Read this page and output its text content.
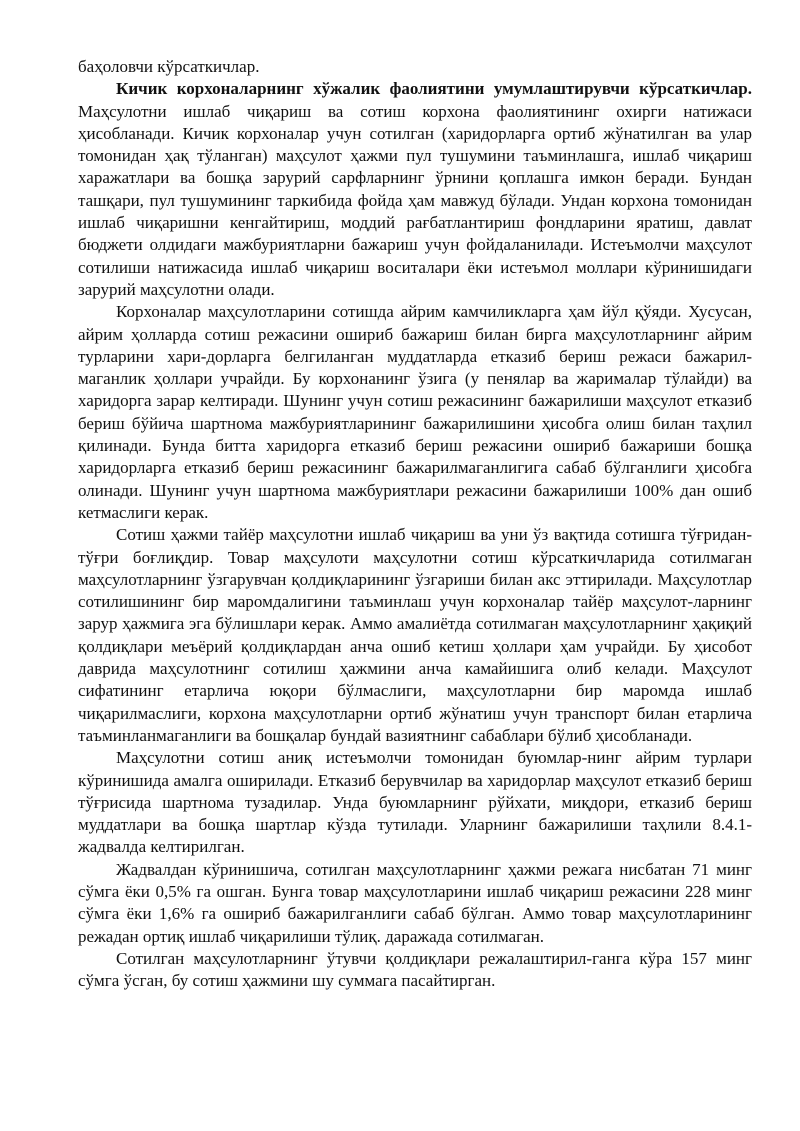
баҳоловчи кўрсаткичлар.

Кичик корхоналарнинг хўжалик фаолиятини умумлаштирувчи кўрсаткичлар. Маҳсулотни ишлаб чиқариш ва сотиш корхона фаолиятининг охирги натижаси ҳисобланади. Кичик корхоналар учун сотилган (харидорларга ортиб жўнатилган ва улар томонидан ҳақ тўланган) маҳсулот ҳажми пул тушумини таъминлашга, ишлаб чиқариш харажатлари ва бошқа зарурий сарфларнинг ўрнини қоплашга имкон беради. Бундан ташқари, пул тушумининг таркибида фойда ҳам мавжуд бўлади. Ундан корхона томонидан ишлаб чиқаришни кенгайтириш, моддий рағбатлантириш фондларини яратиш, давлат бюджети олдидаги мажбуриятларни бажариш учун фойдаланилади. Истеъмолчи маҳсулот сотилиши натижасида ишлаб чиқариш воситалари ёки истеъмол моллари кўринишидаги зарурий маҳсулотни олади.

Корхоналар маҳсулотларини сотишда айрим камчиликларга ҳам йўл қўяди. Хусусан, айрим ҳолларда сотиш режасини ошириб бажариш билан бирга маҳсулотларнинг айрим турларини хари-дорларга белгиланган муддатларда етказиб бериш режаси бажарил-маганлик ҳоллари учрайди. Бу корхонанинг ўзига (у пенялар ва жарималар тўлайди) ва харидорга зарар келтиради. Шунинг учун сотиш режасининг бажарилиши маҳсулот етказиб бериш бўйича шартнома мажбуриятларининг бажарилишини ҳисобга олиш билан таҳлил қилинади. Бунда битта харидорга етказиб бериш режасини ошириб бажариши бошқа харидорларга етказиб бериш режасининг бажарилмаганлигига сабаб бўлганлиги ҳисобга олинади. Шунинг учун шартнома мажбуриятлари режасини бажарилиши 100% дан ошиб кетмаслиги керак.

Сотиш ҳажми тайёр маҳсулотни ишлаб чиқариш ва уни ўз вақтида сотишга тўғридан-тўғри боғлиқдир. Товар маҳсулоти маҳсулотни сотиш кўрсаткичларида сотилмаган маҳсулотларнинг ўзгарувчан қолдиқларининг ўзгариши билан акс эттирилади. Маҳсулотлар сотилишининг бир маромдалигини таъминлаш учун корхоналар тайёр маҳсулот-ларнинг зарур ҳажмига эга бўлишлари керак. Аммо амалиётда сотилмаган маҳсулотларнинг ҳақиқий қолдиқлари меъёрий қолдиқлардан анча ошиб кетиш ҳоллари ҳам учрайди. Бу ҳисобот даврида маҳсулотнинг сотилиш ҳажмини анча камайишига олиб келади. Маҳсулот сифатининг етарлича юқори бўлмаслиги, маҳсулотларни бир маромда ишлаб чиқарилмаслиги, корхона маҳсулотларни ортиб жўнатиш учун транспорт билан етарлича таъминланмаганлиги ва бошқалар бундай вазиятнинг сабаблари бўлиб ҳисобланади.

Маҳсулотни сотиш аниқ истеъмолчи томонидан буюмлар-нинг айрим турлари кўринишида амалга оширилади. Етказиб берувчилар ва харидорлар маҳсулот етказиб бериш тўғрисида шартнома тузадилар. Унда буюмларнинг рўйхати, миқдори, етказиб бериш муддатлари ва бошқа шартлар кўзда тутилади. Уларнинг бажарилиши таҳлили 8.4.1-жадвалда келтирилган.

Жадвалдан кўринишича, сотилган маҳсулотларнинг ҳажми режага нисбатан 71 минг сўмга ёки 0,5% га ошган. Бунга товар маҳсулотларини ишлаб чиқариш режасини 228 минг сўмга ёки 1,6% га ошириб бажарилганлиги сабаб бўлган. Аммо товар маҳсулотларининг режадан ортиқ ишлаб чиқарилиши тўлиқ. даражада сотилмаган.

Сотилган маҳсулотларнинг ўтувчи қолдиқлари режалаштирил-ганга кўра 157 минг сўмга ўсган, бу сотиш ҳажмини шу суммага пасайтирган.
